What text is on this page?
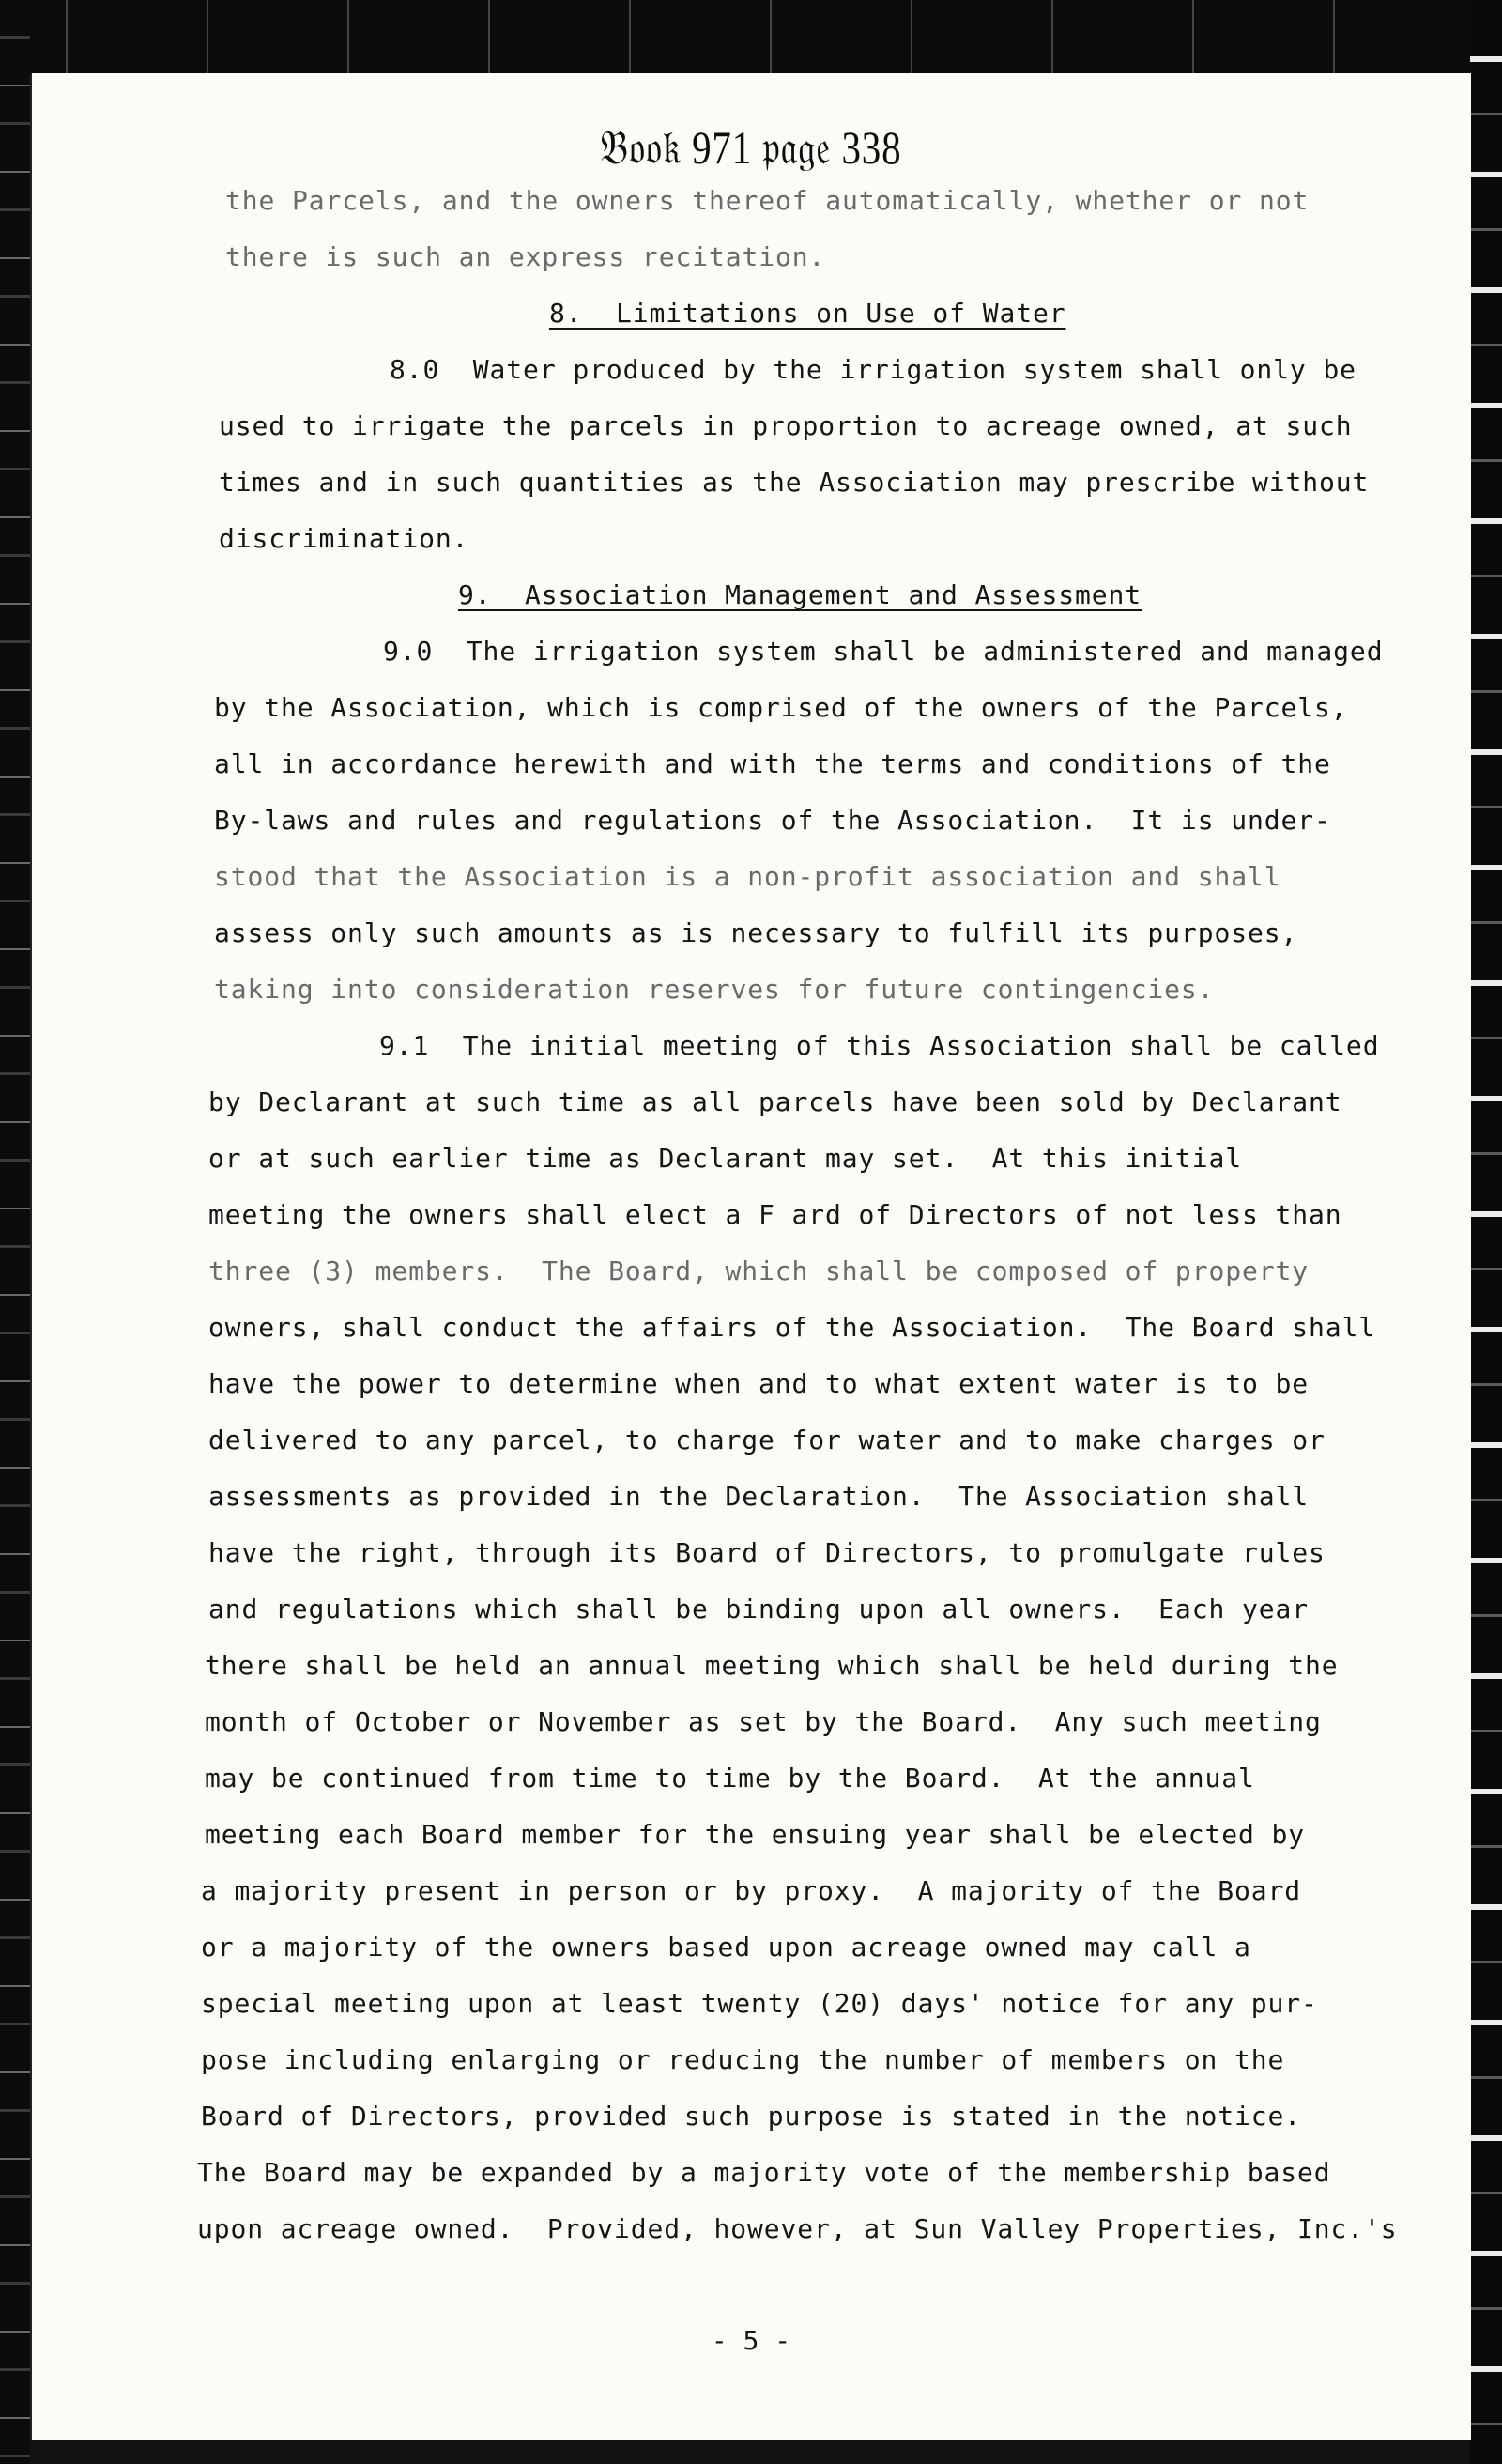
𝔅𝔬𝔬𝔨 971 𝔭𝔞𝔤𝔢 338
the Parcels, and the owners thereof automatically, whether or not
there is such an express recitation.
8.  Limitations on Use of Water
8.0  Water produced by the irrigation system shall only be
used to irrigate the parcels in proportion to acreage owned, at such
times and in such quantities as the Association may prescribe without
discrimination.
9.  Association Management and Assessment
9.0  The irrigation system shall be administered and managed
by the Association, which is comprised of the owners of the Parcels,
all in accordance herewith and with the terms and conditions of the
By-laws and rules and regulations of the Association.  It is under-
stood that the Association is a non-profit association and shall
assess only such amounts as is necessary to fulfill its purposes,
taking into consideration reserves for future contingencies.
9.1  The initial meeting of this Association shall be called
by Declarant at such time as all parcels have been sold by Declarant
or at such earlier time as Declarant may set.  At this initial
meeting the owners shall elect a F ard of Directors of not less than
three (3) members.  The Board, which shall be composed of property
owners, shall conduct the affairs of the Association.  The Board shall
have the power to determine when and to what extent water is to be
delivered to any parcel, to charge for water and to make charges or
assessments as provided in the Declaration.  The Association shall
have the right, through its Board of Directors, to promulgate rules
and regulations which shall be binding upon all owners.  Each year
there shall be held an annual meeting which shall be held during the
month of October or November as set by the Board.  Any such meeting
may be continued from time to time by the Board.  At the annual
meeting each Board member for the ensuing year shall be elected by
a majority present in person or by proxy.  A majority of the Board
or a majority of the owners based upon acreage owned may call a
special meeting upon at least twenty (20) days' notice for any pur-
pose including enlarging or reducing the number of members on the
Board of Directors, provided such purpose is stated in the notice.
The Board may be expanded by a majority vote of the membership based
upon acreage owned.  Provided, however, at Sun Valley Properties, Inc.'s
- 5 -
